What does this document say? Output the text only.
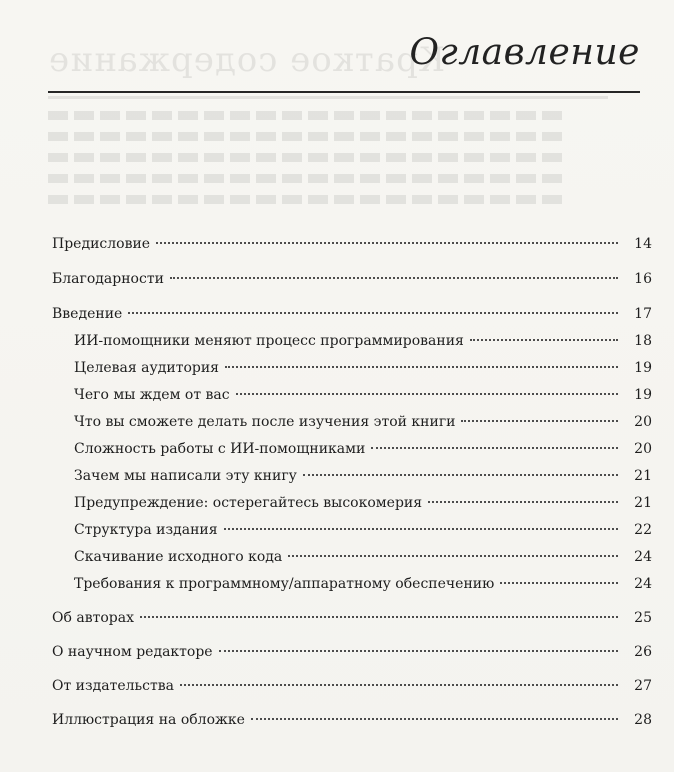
Краткое содержание
Оглавление
Предисловие	14
Благодарности	16
Введение	17
ИИ-помощники меняют процесс программирования	18
Целевая аудитория	19
Чего мы ждем от вас	19
Что вы сможете делать после изучения этой книги	20
Сложность работы с ИИ-помощниками	20
Зачем мы написали эту книгу	21
Предупреждение: остерегайтесь высокомерия	21
Структура издания	22
Скачивание исходного кода	24
Требования к программному/аппаратному обеспечению	24
Об авторах	25
О научном редакторе	26
От издательства	27
Иллюстрация на обложке	28
